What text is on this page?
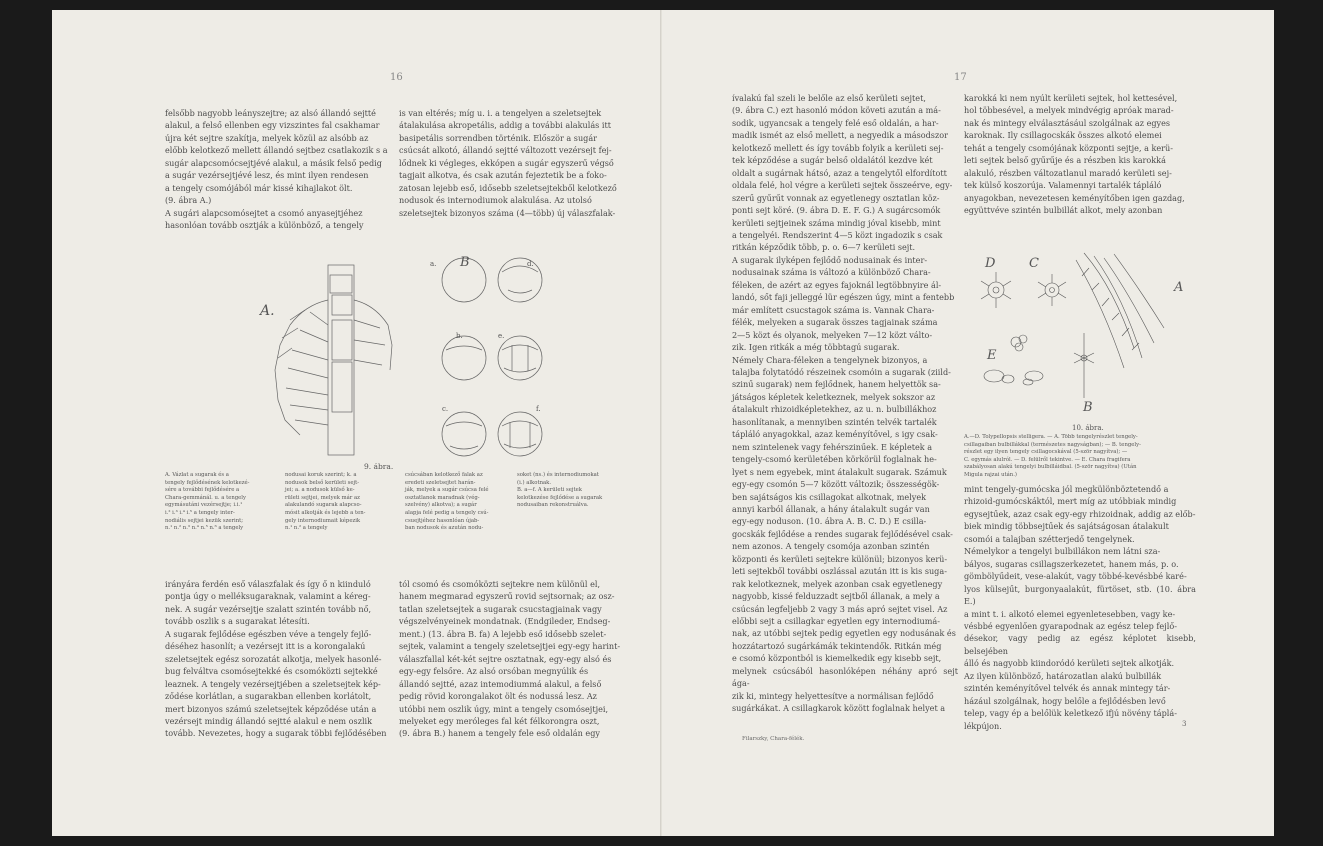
16

felsőbb nagyobb leányszejtre; az alsó állandó sejtté

alakul, a felső ellenben egy vizszintes fal csakhamar

újra két sejtre szakítja, melyek közül az alsóbb az

előbb kelotkező mellett állandó sejtbez csatlakozik s a

sugár alapcsomócsejtjévé alakul, a másik felső pedig

a sugár vezérsejtjévé lesz, és mint ilyen rendesen

a tengely csomójából már kissé kihajlakot ölt.

(9. ábra A.)

A sugári alapcsomósejtet a csomó anyasejtjéhez

hasonlóan tovább osztják a különböző, a tengely

is van eltérés; míg u. i. a tengelyen a szeletsejtek

átalakulása akropetális, addig a további alakulás itt

basipetális sorrendben történik. Először a sugár

csúcsát alkotó, állandó sejtté változott vezérsejt fej-

lődnek ki végleges, ekkópen a sugár egyszerű végső

tagjait alkotva, és csak azután fejeztetik be a foko-

zatosan lejebb eső, idősebb szeletsejtekből kelotkező

nodusok és internodiumok alakulása. Az utolsó

szeletsejtek bizonyos száma (4—több) új válaszfalak-

A.
B
a.	d.
b.	e.
c.	f.
9. ábra.

A. Vázlat a sugarak és a

tengely fejlődésének kelotkezé-

sére a további fejlődésére a

Chara-gemmánál. u. a tengely

egymásutáni vezérsejtje; i.i.¹

i.² i.³ i.⁴ i.⁵ a tengely inter-

nodiális sejtjei kezük szerint;

n.¹ n.² n.³ n.⁴ n.⁵ n.⁶ a tengely

nodusai koruk szerint; k. a

nodusok belső kerületi sejt-

jei; a. a nodusok külső ke-

rületi sejtjei, melyek már az

alakulandó sugarak alapcso-

mósit alkotják és lejebb a ten-

gely internodiumait képezik

n.¹ n.² a tengely

csúcsában kelotkező falak az

eredeti szeletsejtet harán-

ják, melyek a sugár csúcsa felé

osztatlanok maradnak (vég-

szelvény) alkotva); a sugár

alapja felé pedig a tengely csú-

csuejtjéhez hasonlóan újab-

ban nodusok és azután nodu-

soket (ns.) és internodiumokat

(i.) alkotnak.

B. a—f. A kerületi sejtek

kelotkezése fejlődése a sugarak

nodusaiban rekonstruálva.

irányára ferdén eső válaszfalak és így ő n kiinduló

pontja úgy o melléksugaraknak, valamint a kéreg-

nek. A sugár vezérsejtje szalatt szintén tovább nő,

tovább oszlik s a sugarakat létesíti.

A sugarak fejlődése egészben véve a tengely fejlő-

déséhez hasonlít; a vezérsejt itt is a korongalakú

szeletsejtek egész sorozatát alkotja, melyek hasonlé-

bug felváltva csomósejtekké és csomóközti sejtekké

leaznek. A tengely vezérsejtjében a szeletsejtek kép-

ződése korlátlan, a sugarakban ellenben korlátolt,

mert bizonyos számú szeletsejtek képződése után a

vezérsejt mindig állandó sejtté alakul e nem oszlik

tovább. Nevezetes, hogy a sugarak többi fejlődésében

tól csomó és csomóközti sejtekre nem különül el,

hanem megmarad egyszerű rovid sejtsornak; az osz-

tatlan szeletsejtek a sugarak csucstagjainak vagy

végszelvényeinek mondatnak. (Endgileder, Endseg-

ment.) (13. ábra B. fa) A lejebb eső idősebb szelet-

sejtek, valamint a tengely szeletsejtjei egy-egy harint-

válaszfallal két-két sejtre osztatnak, egy-egy alsó és

egy-egy felsőre. Az alsó orsóban megnyúlik és

állandó sejtté, azaz intemodiummá alakul, a felső

pedig rövid korongalakot ölt és nodussá lesz. Az

utóbbi nem oszlik úgy, mint a tengely csomósejtjei,

melyeket egy meróleges fal két félkorongra oszt,

(9. ábra B.) hanem a tengely fele eső oldalán egy

17

ívalakú fal szeli le belőle az első kerületi sejtet,

(9. ábra C.) ezt hasonló módon követi azután a má-

sodik, ugyancsak a tengely felé eső oldalán, a har-

madik ismét az első mellett, a negyedik a másodszor

kelotkező mellett és így tovább folyik a kerületi sej-

tek képződése a sugár belső oldalától kezdve két

oldalt a sugárnak hátsó, azaz a tengelytől elfordított

oldala felé, hol végre a kerületi sejtek összeérve, egy-

szerű gyűrűt vonnak az egyetlenegy osztatlan köz-

ponti sejt köré. (9. ábra D. E. F. G.) A sugárcsomók

kerületi sejtjeinek száma mindig jóval kisebb, mint

a tengelyéi. Rendszerint 4—5 közt ingadozik s csak

ritkán képződik több, p. o. 6—7 kerületi sejt.

A sugarak ilyképen fejlődő nodusainak és inter-

nodusainak száma is változó a különböző Chara-

féleken, de azért az egyes fajoknál legtöbbnyire ál-

landó, sőt faji jelleggé lür egészen úgy, mint a fentebb

már említett csucstagok száma is. Vannak Chara-

félék, melyeken a sugarak összes tagjainak száma

2—5 közt és olyanok, melyeken 7—12 közt válto-

zik. Igen ritkák a még többtagú sugarak.

Némely Chara-féleken a tengelynek bizonyos, a

talajba folytatódó részeinek csomóin a sugarak (ziild-

szinű sugarak) nem fejlődnek, hanem helyettök sa-

játságos képletek keletkeznek, melyek sokszor az

átalakult rhizoidképletekhez, az u. n. bulbillákhoz

hasonlítanak, a mennyiben szintén telvék tartalék

tápláló anyagokkal, azaz keményítővel, s igy csak-

nem szintelenek vagy fehérszinűek. E képletek a

tengely-csomó kerületében körkörül foglalnak he-

lyet s nem egyebek, mint átalakult sugarak. Számuk

egy-egy csomón 5—7 között változik; összességök-

ben sajátságos kis csillagokat alkotnak, melyek

annyi karból állanak, a hány átalakult sugár van

egy-egy noduson. (10. ábra A. B. C. D.) E csilla-

gocskák fejlődése a rendes sugarak fejlődésével csak-

nem azonos. A tengely csomója azonban szintén

központi és kerületi sejtekre különül; bizonyos kerü-

leti sejtekből további oszlással azután itt is kis suga-

rak kelotkeznek, melyek azonban csak egyetlenegy

nagyobb, kissé felduzzadt sejtből állanak, a mely a

csúcsán legfeljebb 2 vagy 3 más apró sejtet visel. Az

előbbi sejt a csillagkar egyetlen egy internodiumá-

nak, az utóbbi sejtek pedig egyetlen egy nodusának és

hozzátartozó sugárkámák tekintendők. Ritkán még

e csomó központból is kiemelkedik egy kisebb sejt,

melynek csúcsából hasonlóképen néhány apró sejt ága-

zik ki, mintegy helyettesítve a normálisan fejlődő

sugárkákat. A csillagkarok között foglalnak helyet a

Filarszky, Chara-félék.

karokká ki nem nyúlt kerületi sejtek, hol kettesével,

hol többesével, a melyek mindvégig apróak marad-

nak és mintegy elválasztásául szolgálnak az egyes

karoknak. Ily csillagocskák összes alkotó elemei

tehát a tengely csomójának központi sejtje, a kerü-

leti sejtek belső gyűrűje és a részben kis karokká

alakuló, részben változatlanul maradó kerületi sej-

tek külső koszorúja. Valamennyi tartalék tápláló

anyagokban, nevezetesen keményítőben igen gazdag,

együttvéve szintén bulbillát alkot, mely azonban

D	C
A
E
B
10. ábra.

A.—D. Tolypellopsis stelligera. — A. Több tengelyrészlet tengely-

csillagaiban bulbillákkal (természetes nagyságban); — B. tengely-

részlet egy ilyen tengely csillagocskával (5-ször nagyítva); —

C. egymás alulról. — D. felülről tekintve. — E. Chara fragifera

szabályosan alakú tengelyi bulbilláidbal. (5-ször nagyítva) (Után

Migula rajzai után.)

mint tengely-gumócska jól megkülönböztetendő a

rhizoid-gumócskáktól, mert míg az utóbbiak mindig

egysejtűek, azaz csak egy-egy rhizoidnak, addig az előb-

biek mindig többsejtűek és sajátságosan átalakult

csomói a talajban szétterjedő tengelynek.

Némelykor a tengelyi bulbillákon nem látni sza-

bályos, sugaras csillagszerkezetet, hanem más, p. o.

gömbölyűdeit, vese-alakút, vagy többé-kevésbbé karé-

lyos külsejűt, burgonyaalakút, fürtöset, stb. (10. ábra E.)

a mint t. i. alkotó elemei egyenletesebben, vagy ke-

vésbbé egyenlően gyarapodnak az egész telep fejlő-

désekor, vagy pedig az egész képlotet kisebb, belsejében

álló és nagyobb kiindoródó kerületi sejtek alkotják.

Az ilyen különböző, határozatlan alakú bulbillák

szintén keményítővel telvék és annak mintegy tár-

házául szolgálnak, hogy belőle a fejlődésben levő

telep, vagy ép a belőlük keletkező ifjú növény táplá-

lékpújon.	3
